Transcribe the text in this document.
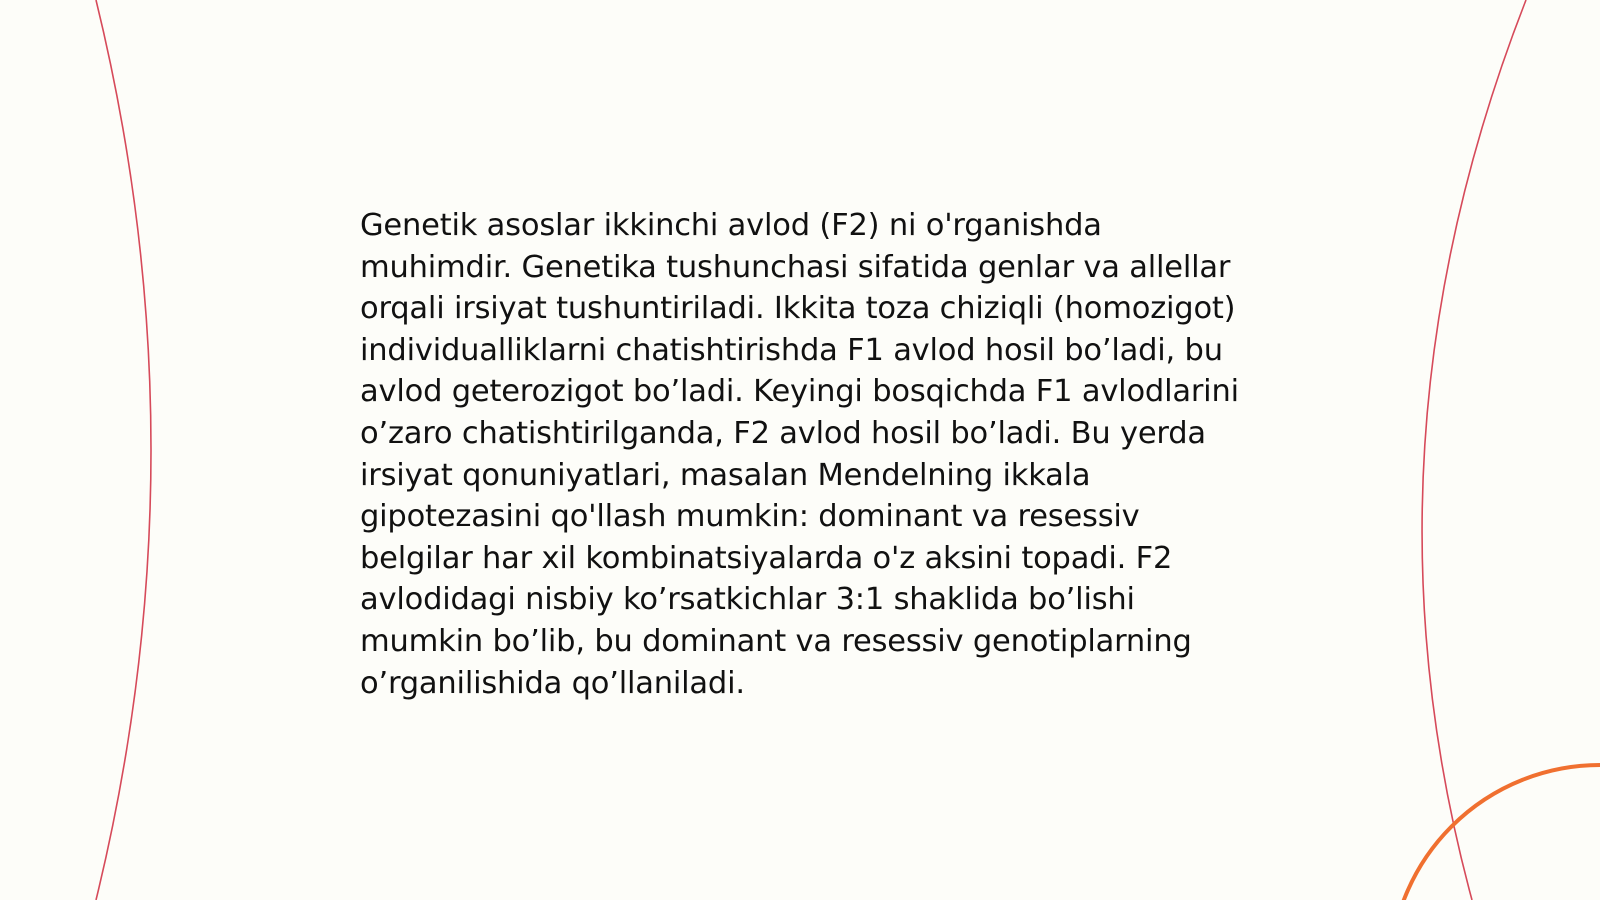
Genetik asoslar ikkinchi avlod (F2) ni o'rganishda muhimdir. Genetika tushunchasi sifatida genlar va allellar orqali irsiyat tushuntiriladi. Ikkita toza chiziqli (homozigot) individualliklarni chatishtirishda F1 avlod hosil bo’ladi, bu avlod geterozigot bo’ladi. Keyingi bosqichda F1 avlodlarini o’zaro chatishtirilganda, F2 avlod hosil bo’ladi. Bu yerda irsiyat qonuniyatlari, masalan Mendelning ikkala gipotezasini qo'llash mumkin: dominant va resessiv belgilar har xil kombinatsiyalarda o'z aksini topadi. F2 avlodidagi nisbiy ko’rsatkichlar 3:1 shaklida bo’lishi mumkin bo’lib, bu dominant va resessiv genotiplarning o’rganilishida qo’llaniladi.
